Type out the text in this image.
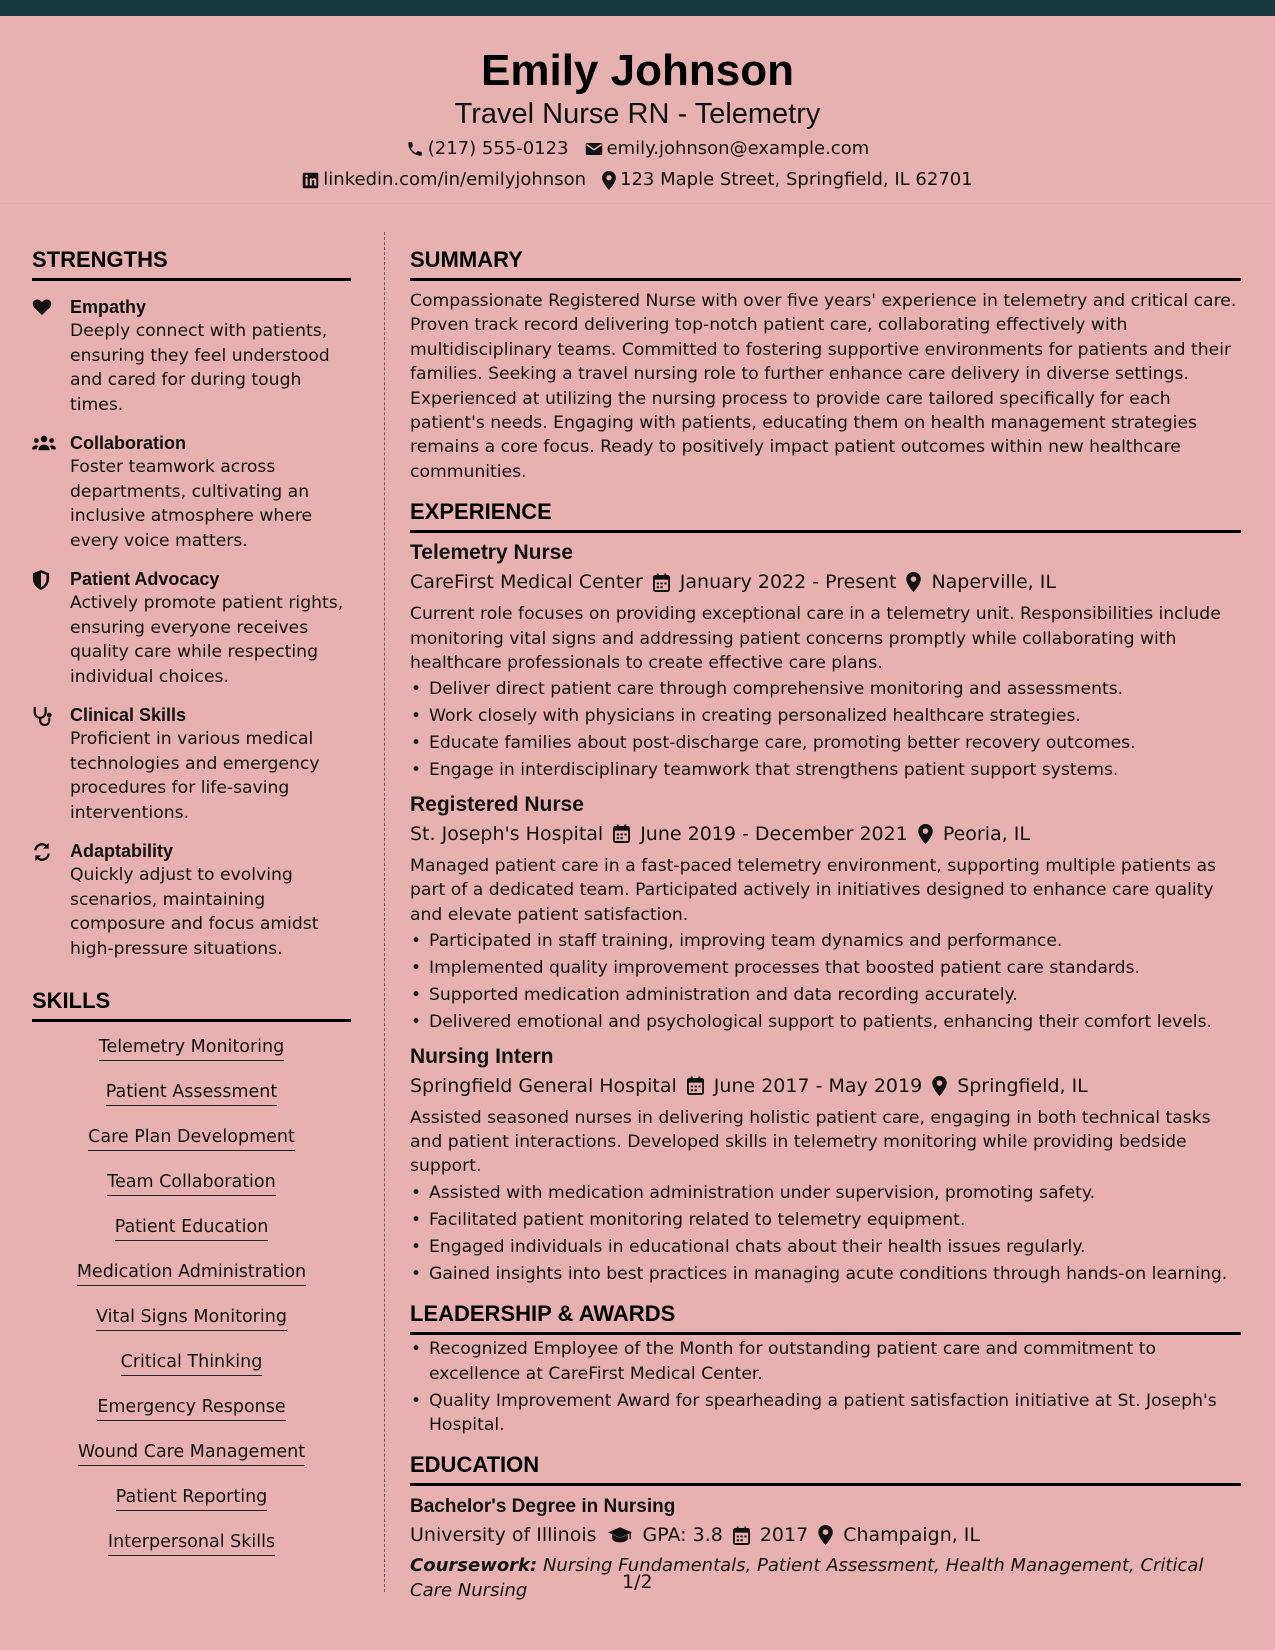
Emily Johnson
Travel Nurse RN - Telemetry
(217) 555-0123 emily.johnson@example.com
linkedin.com/in/emilyjohnson 123 Maple Street, Springfield, IL 62701
STRENGTHS
Empathy
Deeply connect with patients, ensuring they feel understood and cared for during tough times.
Collaboration
Foster teamwork across departments, cultivating an inclusive atmosphere where every voice matters.
Patient Advocacy
Actively promote patient rights, ensuring everyone receives quality care while respecting individual choices.
Clinical Skills
Proficient in various medical technologies and emergency procedures for life-saving interventions.
Adaptability
Quickly adjust to evolving scenarios, maintaining composure and focus amidst high-pressure situations.
SKILLS
Telemetry Monitoring
Patient Assessment
Care Plan Development
Team Collaboration
Patient Education
Medication Administration
Vital Signs Monitoring
Critical Thinking
Emergency Response
Wound Care Management
Patient Reporting
Interpersonal Skills
SUMMARY
Compassionate Registered Nurse with over five years' experience in telemetry and critical care. Proven track record delivering top-notch patient care, collaborating effectively with multidisciplinary teams. Committed to fostering supportive environments for patients and their families. Seeking a travel nursing role to further enhance care delivery in diverse settings. Experienced at utilizing the nursing process to provide care tailored specifically for each patient's needs. Engaging with patients, educating them on health management strategies remains a core focus. Ready to positively impact patient outcomes within new healthcare communities.
EXPERIENCE
Telemetry Nurse
CareFirst Medical Center January 2022 - Present Naperville, IL
Current role focuses on providing exceptional care in a telemetry unit. Responsibilities include monitoring vital signs and addressing patient concerns promptly while collaborating with healthcare professionals to create effective care plans.
• Deliver direct patient care through comprehensive monitoring and assessments.
• Work closely with physicians in creating personalized healthcare strategies.
• Educate families about post-discharge care, promoting better recovery outcomes.
• Engage in interdisciplinary teamwork that strengthens patient support systems.
Registered Nurse
St. Joseph's Hospital June 2019 - December 2021 Peoria, IL
Managed patient care in a fast-paced telemetry environment, supporting multiple patients as part of a dedicated team. Participated actively in initiatives designed to enhance care quality and elevate patient satisfaction.
• Participated in staff training, improving team dynamics and performance.
• Implemented quality improvement processes that boosted patient care standards.
• Supported medication administration and data recording accurately.
• Delivered emotional and psychological support to patients, enhancing their comfort levels.
Nursing Intern
Springfield General Hospital June 2017 - May 2019 Springfield, IL
Assisted seasoned nurses in delivering holistic patient care, engaging in both technical tasks and patient interactions. Developed skills in telemetry monitoring while providing bedside support.
• Assisted with medication administration under supervision, promoting safety.
• Facilitated patient monitoring related to telemetry equipment.
• Engaged individuals in educational chats about their health issues regularly.
• Gained insights into best practices in managing acute conditions through hands-on learning.
LEADERSHIP & AWARDS
• Recognized Employee of the Month for outstanding patient care and commitment to excellence at CareFirst Medical Center.
• Quality Improvement Award for spearheading a patient satisfaction initiative at St. Joseph's Hospital.
EDUCATION
Bachelor's Degree in Nursing
University of Illinois GPA: 3.8 2017 Champaign, IL
Coursework: Nursing Fundamentals, Patient Assessment, Health Management, Critical Care Nursing	1/2
